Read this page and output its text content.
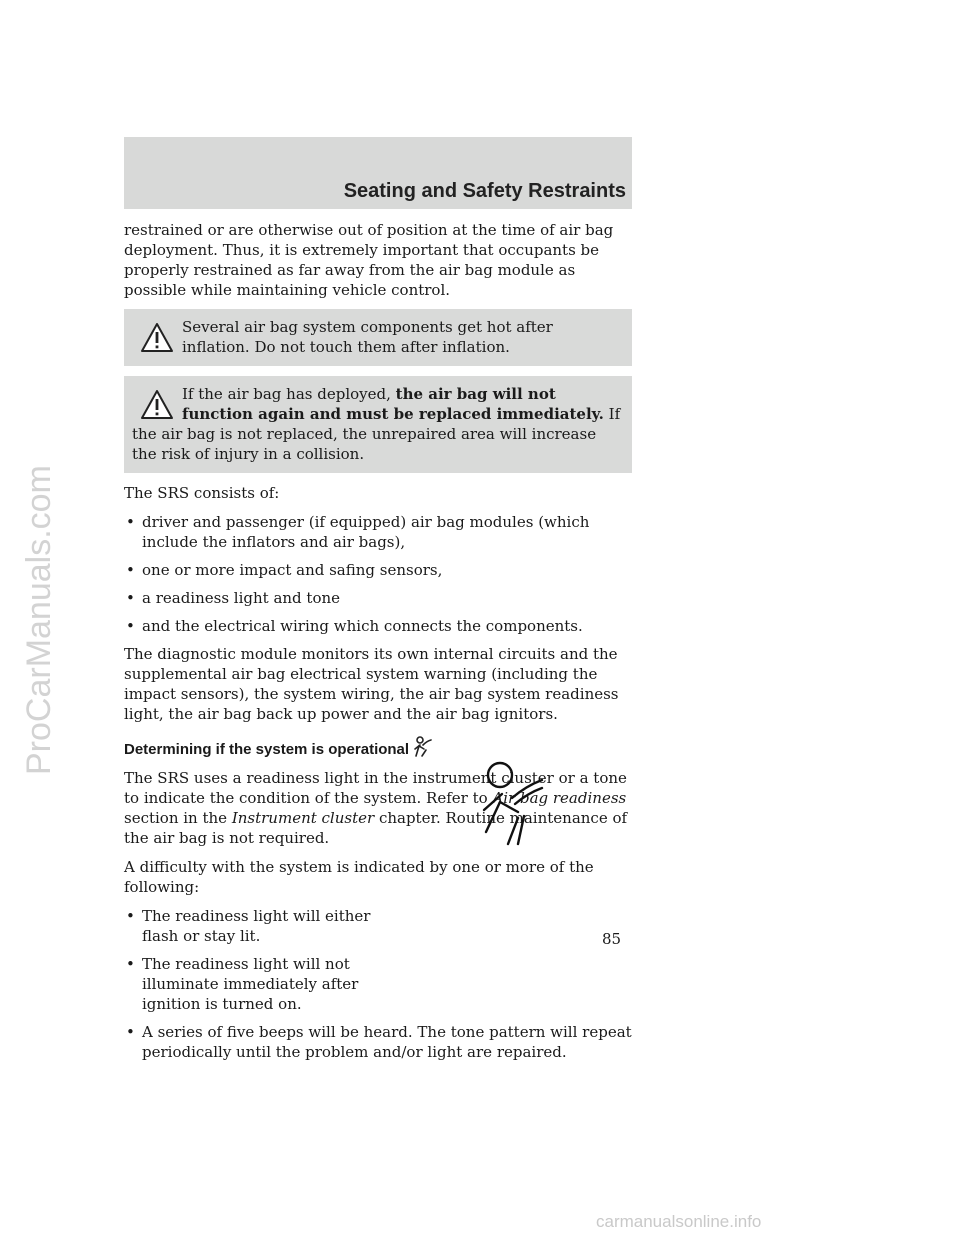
ProCarManuals.com
Seating and Safety Restraints

restrained or are otherwise out of position at the time of air bag deployment. Thus, it is extremely important that occupants be properly restrained as far away from the air bag module as possible while maintaining vehicle control.

Several air bag system components get hot after inflation. Do not touch them after inflation.

If the air bag has deployed, the air bag will not function again and must be replaced immediately. If the air bag is not replaced, the unrepaired area will increase the risk of injury in a collision.

The SRS consists of:

• driver and passenger (if equipped) air bag modules (which include the inflators and air bags),
• one or more impact and safing sensors,
• a readiness light and tone
• and the electrical wiring which connects the components.

The diagnostic module monitors its own internal circuits and the supplemental air bag electrical system warning (including the impact sensors), the system wiring, the air bag system readiness light, the air bag back up power and the air bag ignitors.

Determining if the system is operational

The SRS uses a readiness light in the instrument cluster or a tone to indicate the condition of the system. Refer to Air bag readiness section in the Instrument cluster chapter. Routine maintenance of the air bag is not required.

A difficulty with the system is indicated by one or more of the following:

• The readiness light will either flash or stay lit.
• The readiness light will not illuminate immediately after ignition is turned on.
• A series of five beeps will be heard. The tone pattern will repeat periodically until the problem and/or light are repaired.

85

carmanualsonline.info
